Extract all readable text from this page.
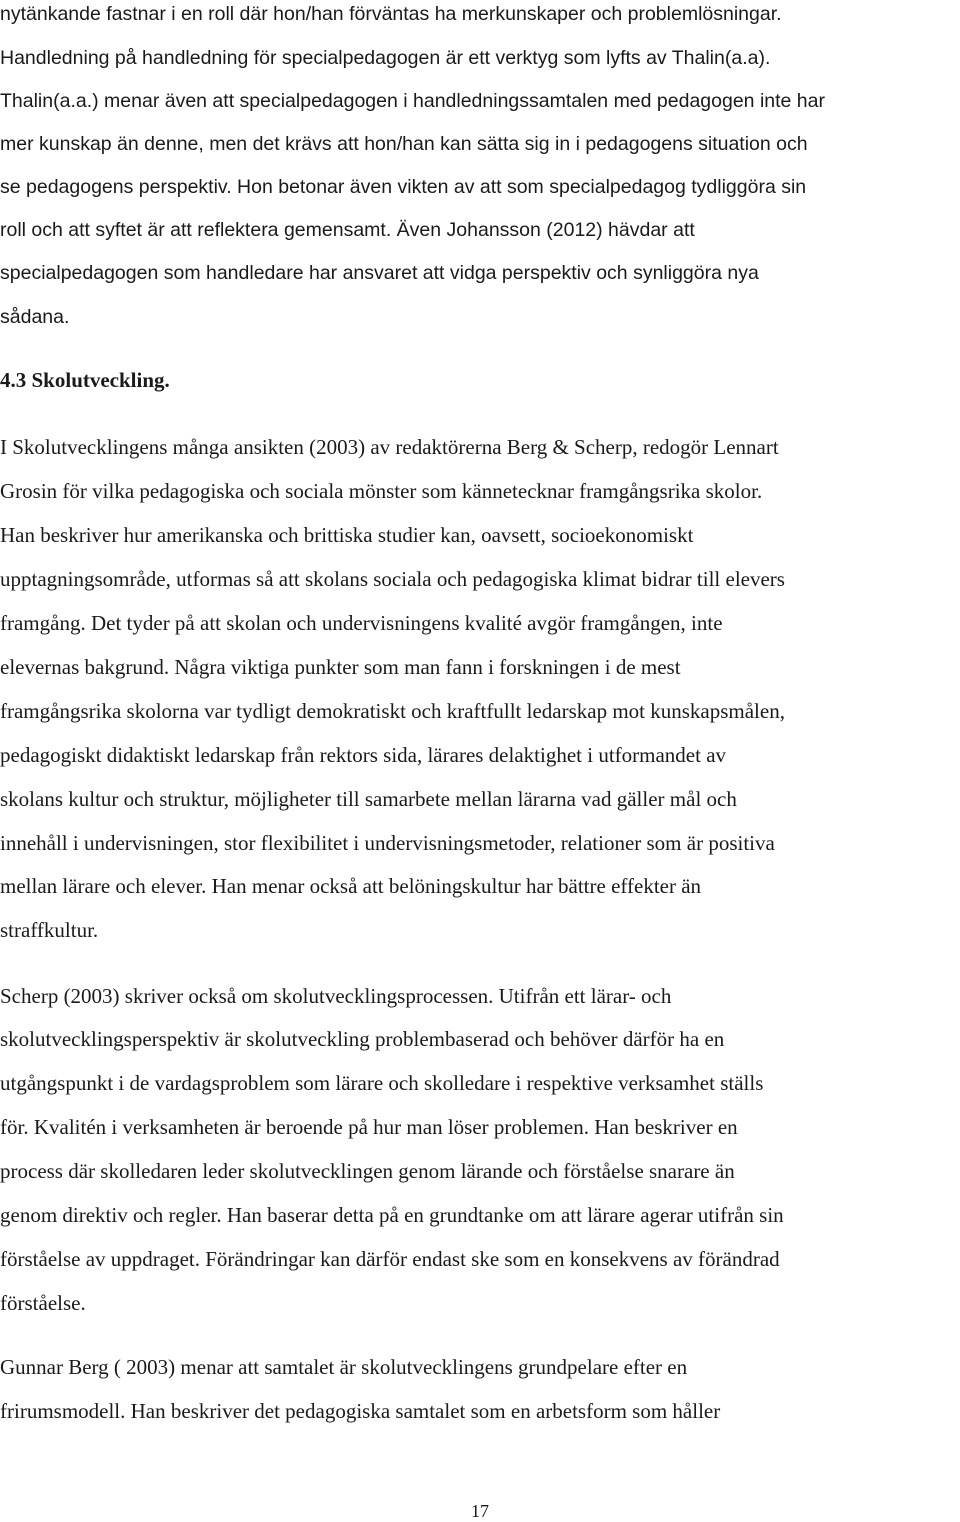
nytänkande fastnar i en roll där hon/han förväntas ha merkunskaper och problemlösningar.
Handledning på handledning för specialpedagogen är ett verktyg som lyfts av Thalin(a.a).
Thalin(a.a.) menar även att specialpedagogen i handledningssamtalen med pedagogen inte har
mer kunskap än denne, men det krävs att hon/han kan sätta sig in i pedagogens situation och
se pedagogens perspektiv. Hon betonar även vikten av att som specialpedagog tydliggöra sin
roll och att syftet är att reflektera gemensamt. Även Johansson (2012) hävdar att
specialpedagogen som handledare har ansvaret att vidga perspektiv och synliggöra nya
sådana.
4.3 Skolutveckling.
I Skolutvecklingens många ansikten (2003) av redaktörerna Berg & Scherp, redogör Lennart
Grosin för vilka pedagogiska och sociala mönster som kännetecknar framgångsrika skolor.
Han beskriver hur amerikanska och brittiska studier kan, oavsett, socioekonomiskt
upptagningsområde, utformas så att skolans sociala och pedagogiska klimat bidrar till elevers
framgång. Det tyder på att skolan och undervisningens kvalité avgör framgången, inte
elevernas bakgrund. Några viktiga punkter som man fann i forskningen i de mest
framgångsrika skolorna var tydligt demokratiskt och kraftfullt ledarskap mot kunskapsmålen,
pedagogiskt didaktiskt ledarskap från rektors sida, lärares delaktighet i utformandet av
skolans kultur och struktur, möjligheter till samarbete mellan lärarna vad gäller mål och
innehåll i undervisningen, stor flexibilitet i undervisningsmetoder, relationer som är positiva
mellan lärare och elever. Han menar också att belöningskultur har bättre effekter än
straffkultur.
Scherp (2003) skriver också om skolutvecklingsprocessen. Utifrån ett lärar- och
skolutvecklingsperspektiv är skolutveckling problembaserad och behöver därför ha en
utgångspunkt i de vardagsproblem som lärare och skolledare i respektive verksamhet ställs
för. Kvalitén i verksamheten är beroende på hur man löser problemen. Han beskriver en
process där skolledaren leder skolutvecklingen genom lärande och förståelse snarare än
genom direktiv och regler. Han baserar detta på en grundtanke om att lärare agerar utifrån sin
förståelse av uppdraget. Förändringar kan därför endast ske som en konsekvens av förändrad
förståelse.
Gunnar Berg ( 2003) menar att samtalet är skolutvecklingens grundpelare efter en
frirumsmodell. Han beskriver det pedagogiska samtalet som en arbetsform som håller
17
